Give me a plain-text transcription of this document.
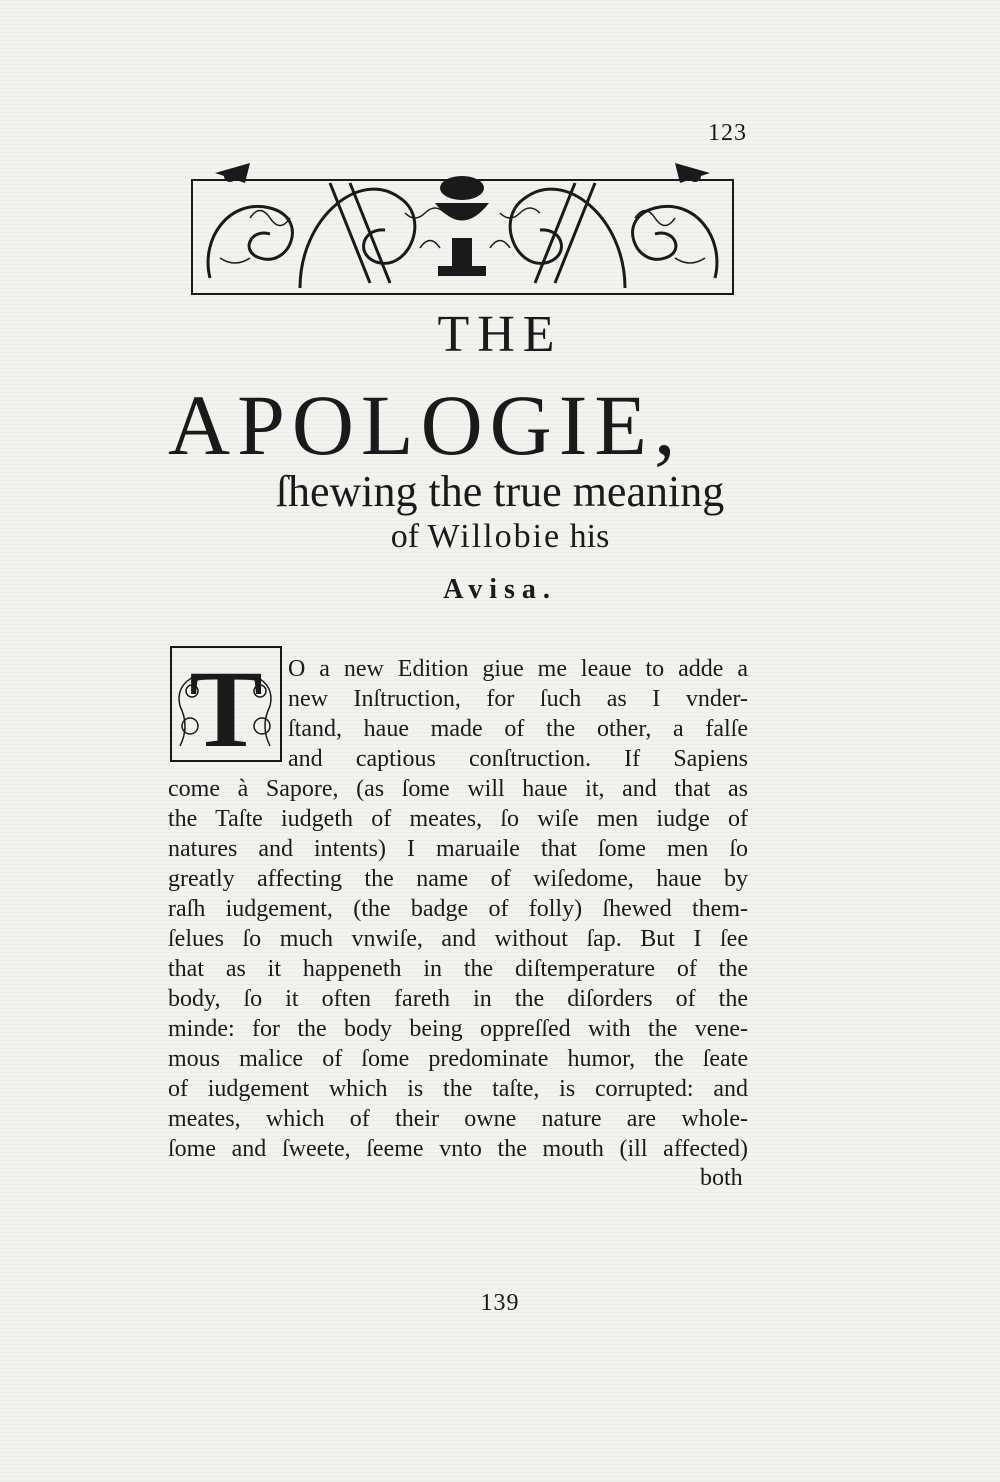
123
THE
APOLOGIE,
ſhewing the true meaning
of Willobie his
Avisa.
T O a new Edition giue me leaue to adde a
new Inſtruction, for ſuch as I vnder-
ſtand, haue made of the other, a falſe
and captious conſtruction. If Sapiens
come à Sapore, (as ſome will haue it, and that as
the Taſte iudgeth of meates, ſo wiſe men iudge of
natures and intents) I maruaile that ſome men ſo
greatly affecting the name of wiſedome, haue by
raſh iudgement, (the badge of folly) ſhewed them-
ſelues ſo much vnwiſe, and without ſap. But I ſee
that as it happeneth in the diſtemperature of the
body, ſo it often fareth in the diſorders of the
minde: for the body being oppreſſed with the vene-
mous malice of ſome predominate humor, the ſeate
of iudgement which is the taſte, is corrupted: and
meates, which of their owne nature are whole-
ſome and ſweete, ſeeme vnto the mouth (ill affected)
both
139
